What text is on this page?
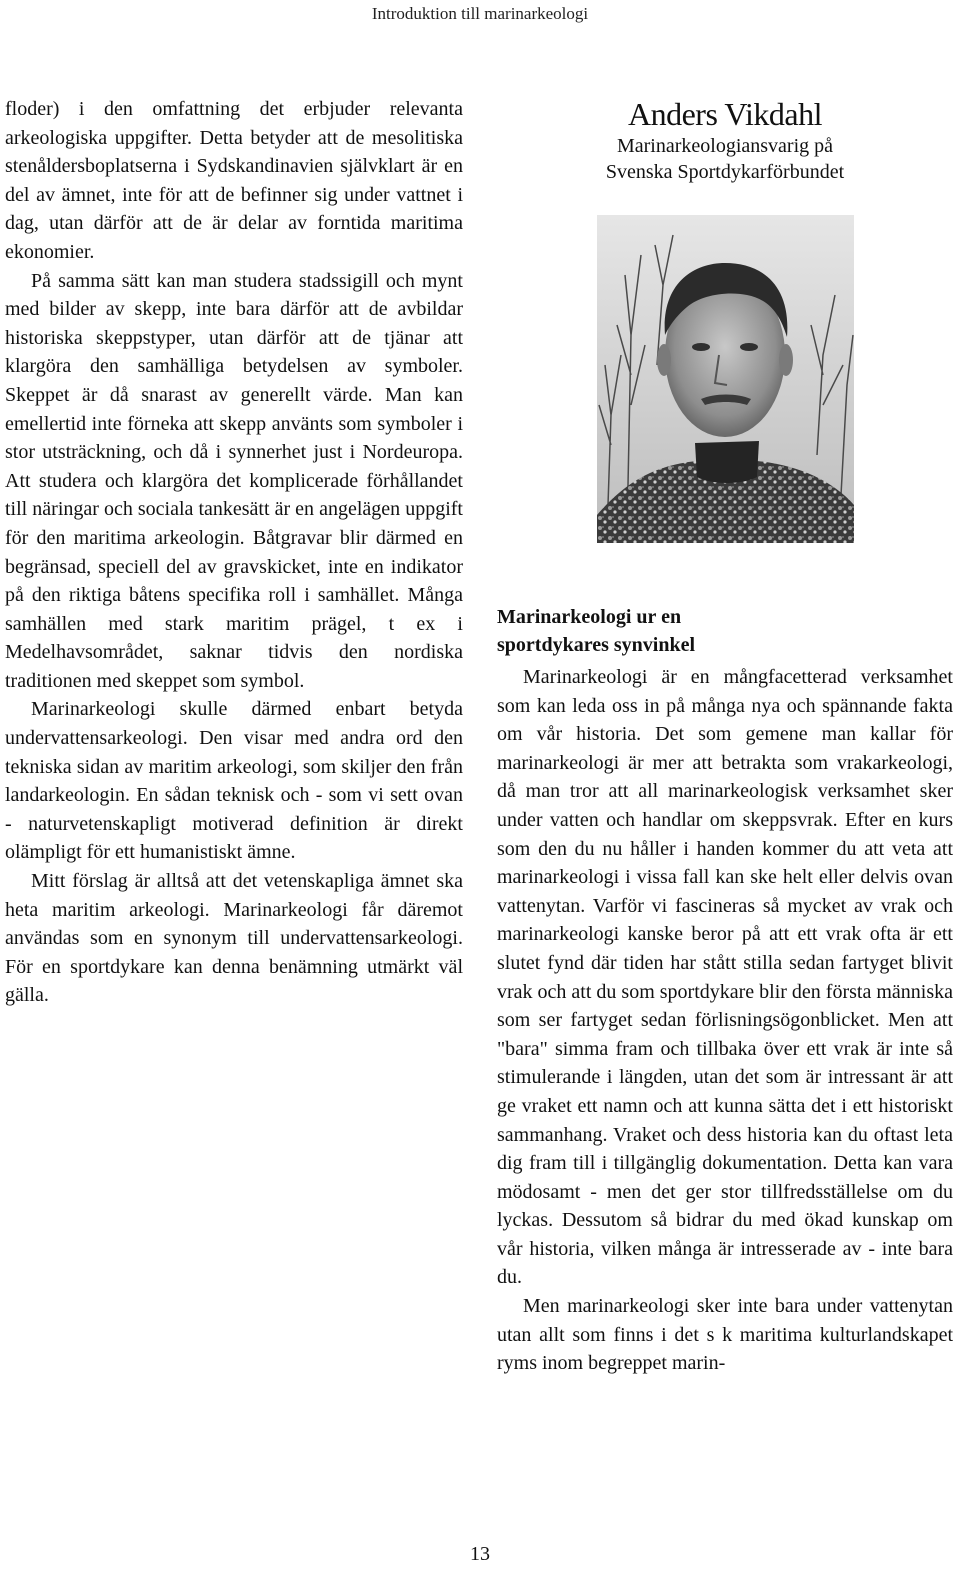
Introduktion till marinarkeologi

floder) i den omfattning det erbjuder relevanta arkeologiska uppgifter. Detta betyder att de mesolitiska stenåldersboplatserna i Sydskandinavien självklart är en del av ämnet, inte för att de befinner sig under vattnet i dag, utan därför att de är delar av forntida maritima ekonomier.

På samma sätt kan man studera stadssigill och mynt med bilder av skepp, inte bara därför att de avbildar historiska skeppstyper, utan därför att de tjänar att klargöra den samhälliga betydelsen av symboler. Skeppet är då snarast av generellt värde. Man kan emellertid inte förneka att skepp använts som symboler i stor utsträckning, och då i synnerhet just i Nordeuropa. Att studera och klargöra det komplicerade förhållandet till näringar och sociala tankesätt är en angelägen uppgift för den maritima arkeologin. Båtgravar blir därmed en begränsad, speciell del av gravskicket, inte en indikator på den riktiga båtens specifika roll i samhället. Många samhällen med stark maritim prägel, t ex i Medelhavsområdet, saknar tidvis den nordiska traditionen med skeppet som symbol.

Marinarkeologi skulle därmed enbart betyda undervattensarkeologi. Den visar med andra ord den tekniska sidan av maritim arkeologi, som skiljer den från landarkeologin. En sådan teknisk och - som vi sett ovan - naturvetenskapligt motiverad definition är direkt olämpligt för ett humanistiskt ämne.

Mitt förslag är alltså att det vetenskapliga ämnet ska heta maritim arkeologi. Marinarkeologi får däremot användas som en synonym till undervattensarkeologi. För en sportdykare kan denna benämning utmärkt väl gälla.

Anders Vikdahl

Marinarkeologiansvarig på

Svenska Sportdykarförbundet

Marinarkeologi ur en
sportdykares synvinkel

Marinarkeologi är en mångfacetterad verksamhet som kan leda oss in på många nya och spännande fakta om vår historia. Det som gemene man kallar för marinarkeologi är mer att betrakta som vrakarkeologi, då man tror att all marinarkeologisk verksamhet sker under vatten och handlar om skeppsvrak. Efter en kurs som den du nu håller i handen kommer du att veta att marinarkeologi i vissa fall kan ske helt eller delvis ovan vattenytan. Varför vi fascineras så mycket av vrak och marinarkeologi kanske beror på att ett vrak ofta är ett slutet fynd där tiden har stått stilla sedan fartyget blivit vrak och att du som sportdykare blir den första människa som ser fartyget sedan förlisningsögonblicket. Men att "bara" simma fram och tillbaka över ett vrak är inte så stimulerande i längden, utan det som är intressant är att ge vraket ett namn och att kunna sätta det i ett historiskt sammanhang. Vraket och dess historia kan du oftast leta dig fram till i tillgänglig dokumentation. Detta kan vara mödosamt - men det ger stor tillfredsställelse om du lyckas. Dessutom så bidrar du med ökad kunskap om vår historia, vilken många är intresserade av - inte bara du.

Men marinarkeologi sker inte bara under vattenytan utan allt som finns i det s k maritima kulturlandskapet ryms inom begreppet marin-

13
